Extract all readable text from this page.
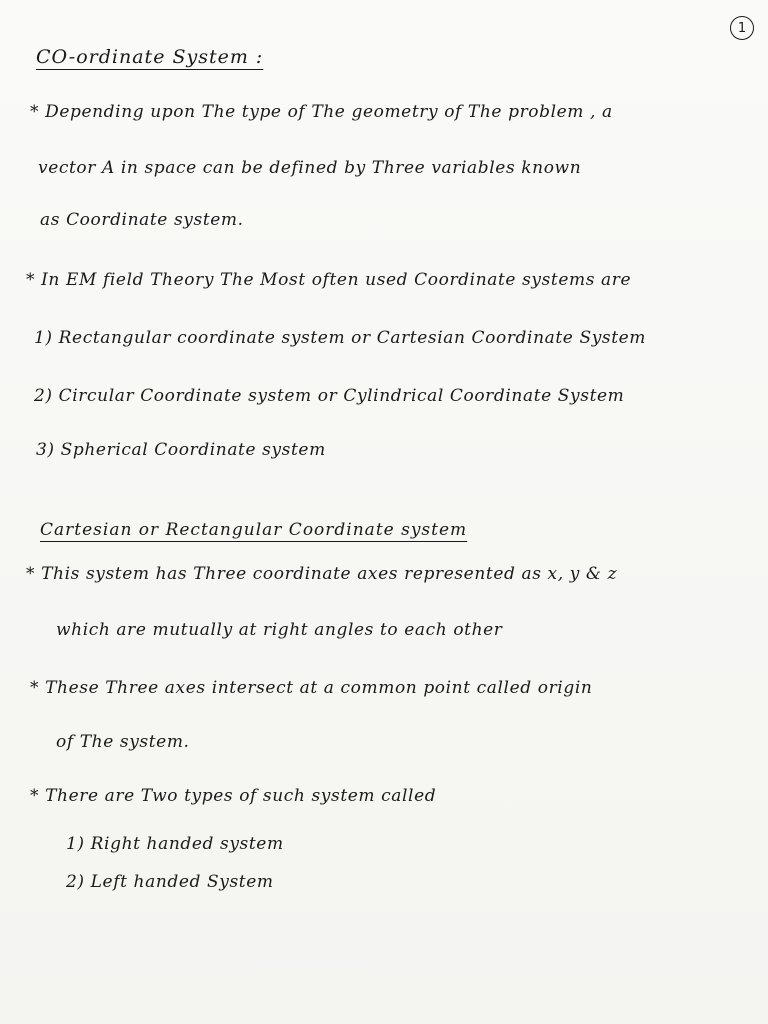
1
CO-ordinate System :
* Depending upon The type of The geometry of The problem , a
vector A in space can be defined by Three variables known
as Coordinate system.
* In EM field Theory The Most often used Coordinate systems are
1) Rectangular coordinate system or Cartesian Coordinate System
2) Circular Coordinate system or Cylindrical Coordinate System
3) Spherical Coordinate system
Cartesian or Rectangular Coordinate system
* This system has Three coordinate axes represented as x, y & z
which are mutually at right angles to each other
* These Three axes intersect at a common point called origin
of The system.
* There are Two types of such system called
1) Right handed system
2) Left handed System
